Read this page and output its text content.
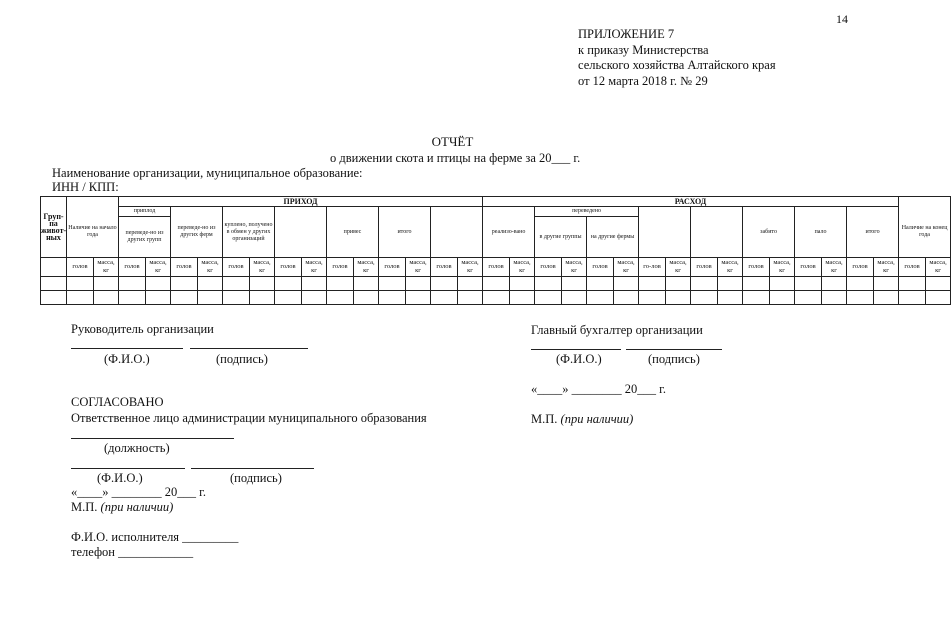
14
ПРИЛОЖЕНИЕ 7
к приказу Министерства
сельского хозяйства Алтайского края
от 12 марта 2018 г. № 29
ОТЧЁТ
о движении скота и птицы на ферме за 20___ г.
Наименование организации, муниципальное образование:
ИНН / КПП:
Груп-па живот-ных			ПРИХОД														РАСХОД																		
	Наличие на начало года		приплод		переведе-но из других ферм		куплено, получено в обмен у других организаций				привес		итого				реализо-вано		переведено								забито		пало		итого		Наличие на конец года		
			переведе-но из других групп																в другие группы		на другие фермы														
	голов	масса, кг	голов	масса, кг	голов	масса, кг	голов	масса, кг	голов	масса, кг	голов	масса, кг	голов	масса, кг	голов	масса, кг	голов	масса, кг	голов	масса, кг	голов	масса, кг	го-лов	масса, кг	голов	масса, кг	голов	масса, кг	голов	масса, кг	голов	масса, кг	голов	масса, кг		

Руководитель организации
(Ф.И.О.)	(подпись)
Главный бухгалтер организации
(Ф.И.О.)	(подпись)
«____» ________ 20___ г.
М.П. (при наличии)
СОГЛАСОВАНО
Ответственное лицо администрации муниципального образования
(должность)
(Ф.И.О.)	(подпись)
«____» ________ 20___ г.
М.П. (при наличии)
Ф.И.О. исполнителя _________
телефон ____________
